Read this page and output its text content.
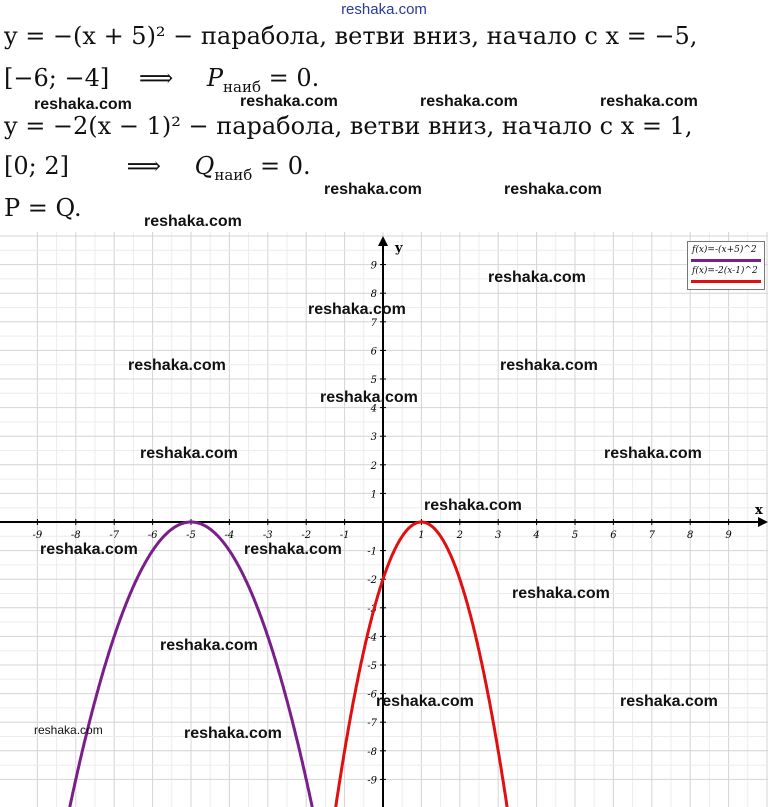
reshaka.com
y = −(x + 5)² − парабола, ветви вниз, начало с x = −5,
[−6; −4] ⟹ $P_{наиб} = 0$.
y = −2(x − 1)² − парабола, ветви вниз, начало с x = 1,
[0; 2] ⟹ $Q_{наиб} = 0$.
P = Q.
x
y
-9	-8	-7	-6	-5	-4	-3	-2	-1	1	2	3	4	5	6	7	8	9
-9
-8
-7
-6
-5
-4
-3
-2
-1
1
2
3
4
5
6
7
8
9
f(x)=-(x+5)^2
f(x)=-2(x-1)^2
reshaka.com	reshaka.com	reshaka.com	reshaka.com
reshaka.com	reshaka.com
reshaka.com
reshaka.com
reshaka.com
reshaka.com	reshaka.com
reshaka.com
reshaka.com	reshaka.com
reshaka.com
reshaka.com	reshaka.com
reshaka.com
reshaka.com
reshaka.com	reshaka.com
reshaka.com
reshaka.com
